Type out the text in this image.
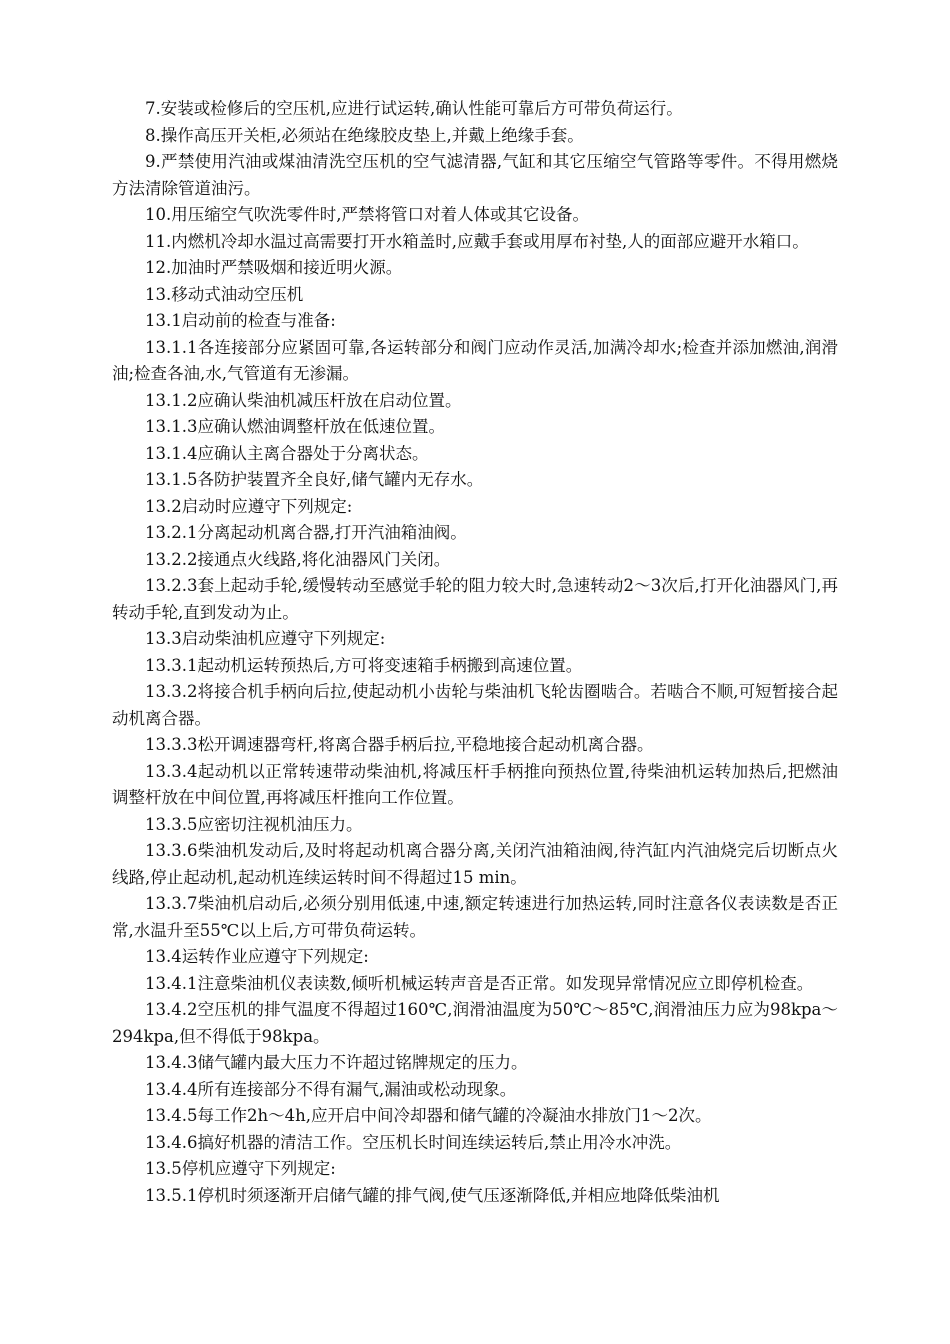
7.安装或检修后的空压机,应进行试运转,确认性能可靠后方可带负荷运行。

8.操作高压开关柜,必须站在绝缘胶皮垫上,并戴上绝缘手套。

9.严禁使用汽油或煤油清洗空压机的空气滤清器,气缸和其它压缩空气管路等零件。不得用燃烧方法清除管道油污。

10.用压缩空气吹洗零件时,严禁将管口对着人体或其它设备。

11.内燃机冷却水温过高需要打开水箱盖时,应戴手套或用厚布衬垫,人的面部应避开水箱口。

12.加油时严禁吸烟和接近明火源。

13.移动式油动空压机

13.1启动前的检查与准备:

13.1.1各连接部分应紧固可靠,各运转部分和阀门应动作灵活,加满冷却水;检查并添加燃油,润滑油;检查各油,水,气管道有无渗漏。

13.1.2应确认柴油机减压杆放在启动位置。

13.1.3应确认燃油调整杆放在低速位置。

13.1.4应确认主离合器处于分离状态。

13.1.5各防护装置齐全良好,储气罐内无存水。

13.2启动时应遵守下列规定:

13.2.1分离起动机离合器,打开汽油箱油阀。

13.2.2接通点火线路,将化油器风门关闭。

13.2.3套上起动手轮,缓慢转动至感觉手轮的阻力较大时,急速转动2～3次后,打开化油器风门,再转动手轮,直到发动为止。

13.3启动柴油机应遵守下列规定:

13.3.1起动机运转预热后,方可将变速箱手柄搬到高速位置。

13.3.2将接合机手柄向后拉,使起动机小齿轮与柴油机飞轮齿圈啮合。若啮合不顺,可短暂接合起动机离合器。

13.3.3松开调速器弯杆,将离合器手柄后拉,平稳地接合起动机离合器。

13.3.4起动机以正常转速带动柴油机,将减压杆手柄推向预热位置,待柴油机运转加热后,把燃油调整杆放在中间位置,再将减压杆推向工作位置。

13.3.5应密切注视机油压力。

13.3.6柴油机发动后,及时将起动机离合器分离,关闭汽油箱油阀,待汽缸内汽油烧完后切断点火线路,停止起动机,起动机连续运转时间不得超过15 min。

13.3.7柴油机启动后,必须分别用低速,中速,额定转速进行加热运转,同时注意各仪表读数是否正常,水温升至55℃以上后,方可带负荷运转。

13.4运转作业应遵守下列规定:

13.4.1注意柴油机仪表读数,倾听机械运转声音是否正常。如发现异常情况应立即停机检查。

13.4.2空压机的排气温度不得超过160℃,润滑油温度为50℃～85℃,润滑油压力应为98kpa～294kpa,但不得低于98kpa。

13.4.3储气罐内最大压力不许超过铭牌规定的压力。

13.4.4所有连接部分不得有漏气,漏油或松动现象。

13.4.5每工作2h～4h,应开启中间冷却器和储气罐的冷凝油水排放门1～2次。

13.4.6搞好机器的清洁工作。空压机长时间连续运转后,禁止用冷水冲洗。

13.5停机应遵守下列规定:

13.5.1停机时须逐渐开启储气罐的排气阀,使气压逐渐降低,并相应地降低柴油机
